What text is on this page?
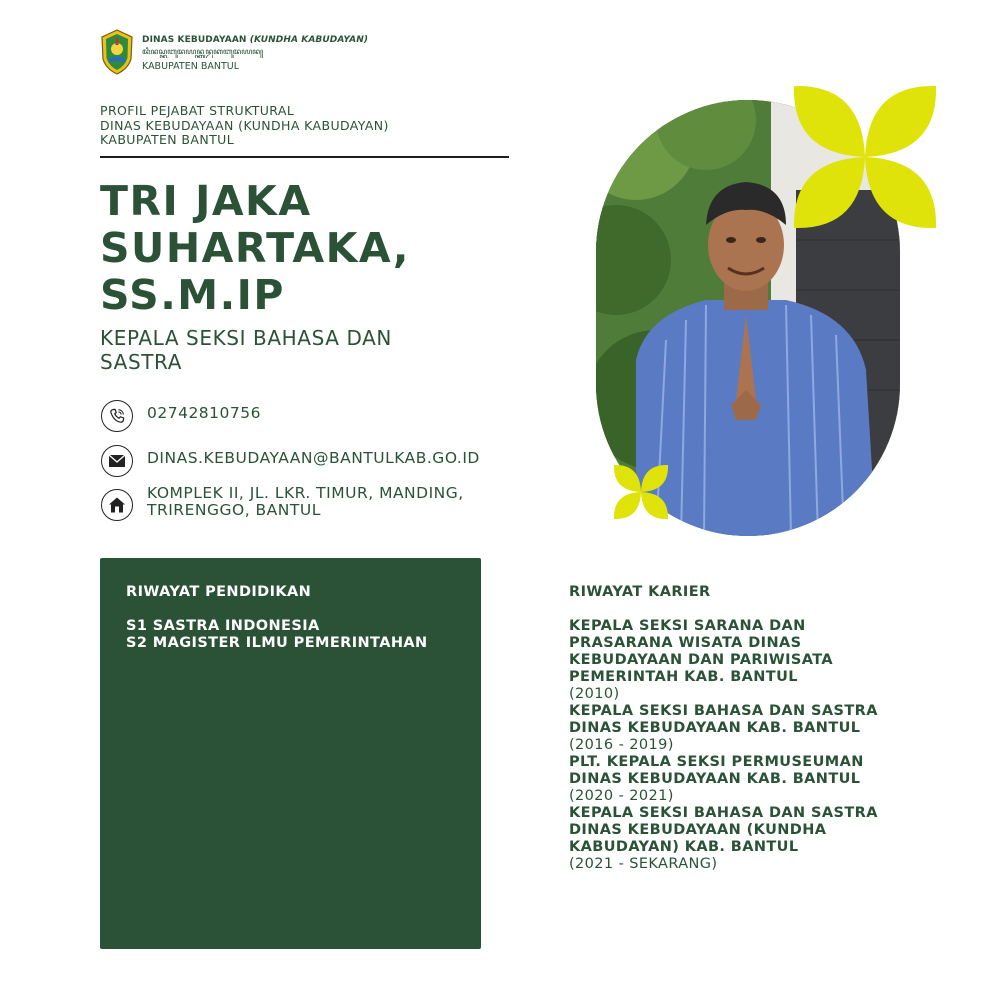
DINAS KEBUDAYAAN (KUNDHA KABUDAYAN)
ꦢꦶꦤꦱ꧀ꦏꦧꦸꦢꦪꦤ꧀ꦏꦸꦤ꧀ꦝꦏꦧꦸꦢꦪꦤ꧀
KABUPATEN BANTUL
PROFIL PEJABAT STRUKTURAL
DINAS KEBUDAYAAN (KUNDHA KABUDAYAN)
KABUPATEN BANTUL
TRI JAKA
SUHARTAKA,
SS.M.IP
KEPALA SEKSI BAHASA DAN SASTRA
02742810756
DINAS.KEBUDAYAAN@BANTULKAB.GO.ID
KOMPLEK II, JL. LKR. TIMUR, MANDING,
TRIRENGGO, BANTUL
RIWAYAT PENDIDIKAN
S1 SASTRA INDONESIA
S2 MAGISTER ILMU PEMERINTAHAN
RIWAYAT KARIER
KEPALA SEKSI SARANA DAN PRASARANA WISATA DINAS KEBUDAYAAN DAN PARIWISATA PEMERINTAH KAB. BANTUL
(2010)
KEPALA SEKSI BAHASA DAN SASTRA DINAS KEBUDAYAAN KAB. BANTUL
(2016 - 2019)
PLT. KEPALA SEKSI PERMUSEUMAN DINAS KEBUDAYAAN KAB. BANTUL
(2020 - 2021)
KEPALA SEKSI BAHASA DAN SASTRA DINAS KEBUDAYAAN (KUNDHA KABUDAYAN) KAB. BANTUL
(2021 - SEKARANG)
